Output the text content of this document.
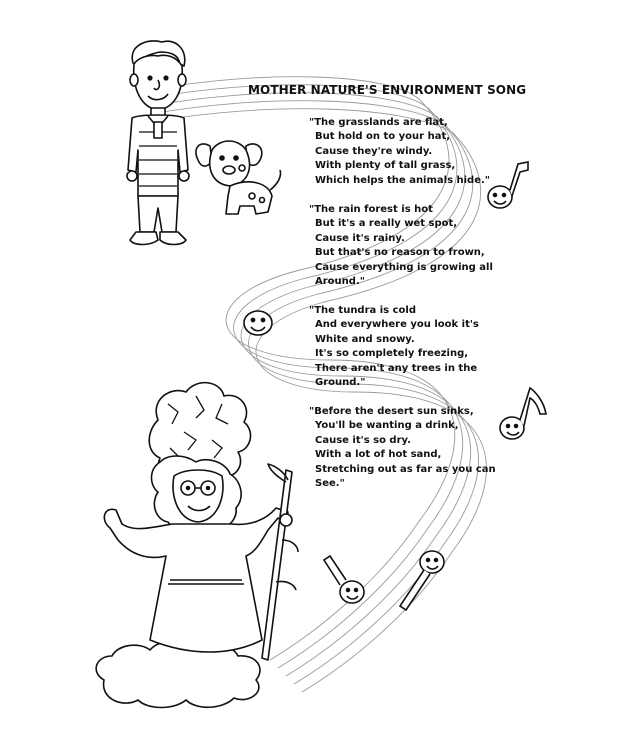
MOTHER NATURE'S ENVIRONMENT SONG
"The grasslands are flat,
But hold on to your hat,
Cause they're windy.
With plenty of tall grass,
Which helps the animals hide."
"The rain forest is hot
But it's a really wet spot,
Cause it's rainy.
But that's no reason to frown,
Cause everything is growing all
Around."
"The tundra is cold
And everywhere you look it's
White and snowy.
It's so completely freezing,
There aren't any trees in the
Ground."
"Before the desert sun sinks,
You'll be wanting a drink,
Cause it's so dry.
With a lot of hot sand,
Stretching out as far as you can
See."
